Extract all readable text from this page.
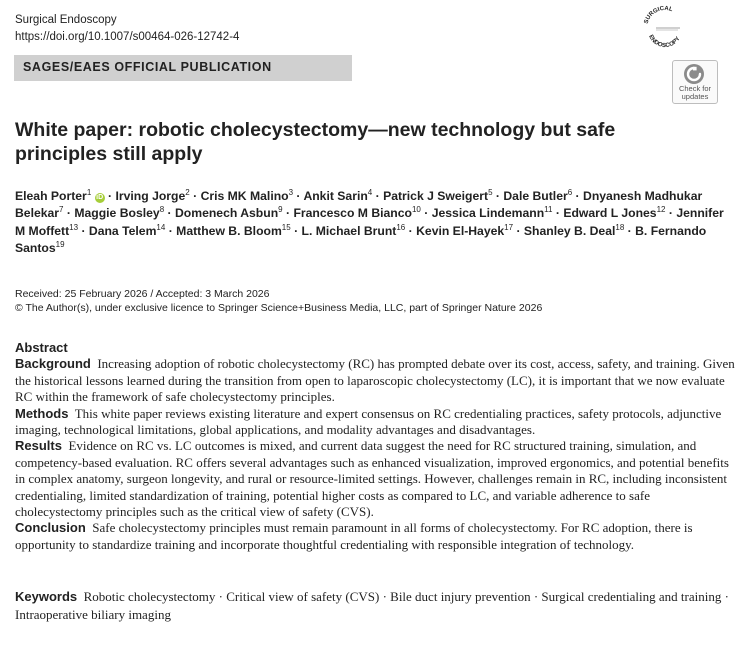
Surgical Endoscopy
https://doi.org/10.1007/s00464-026-12742-4
SURGICAL
ENDOSCOPY
SAGES/EAES OFFICIAL PUBLICATION
Check for
updates
White paper: robotic cholecystectomy—new technology but safe principles still apply
Eleah Porter$^1$ iD · Irving Jorge$^2$ · Cris MK Malino$^3$ · Ankit Sarin$^4$ · Patrick J Sweigert$^5$ · Dale Butler$^6$ · Dnyanesh Madhukar Belekar$^7$ · Maggie Bosley$^8$ · Domenech Asbun$^9$ · Francesco M Bianco$^{10}$ · Jessica Lindemann$^{11}$ · Edward L Jones$^{12}$ · Jennifer M Moffett$^{13}$ · Dana Telem$^{14}$ · Matthew B. Bloom$^{15}$ · L. Michael Brunt$^{16}$ · Kevin El-Hayek$^{17}$ · Shanley B. Deal$^{18}$ · B. Fernando Santos$^{19}$
Received: 25 February 2026 / Accepted: 3 March 2026
© The Author(s), under exclusive licence to Springer Science+Business Media, LLC, part of Springer Nature 2026

Abstract

Background Increasing adoption of robotic cholecystectomy (RC) has prompted debate over its cost, access, safety, and training. Given the historical lessons learned during the transition from open to laparoscopic cholecystectomy (LC), it is important that we now evaluate RC within the framework of safe cholecystectomy principles.

Methods This white paper reviews existing literature and expert consensus on RC credentialing practices, safety protocols, adjunctive imaging, technological limitations, global applications, and modality advantages and disadvantages.

Results Evidence on RC vs. LC outcomes is mixed, and current data suggest the need for RC structured training, simulation, and competency-based evaluation. RC offers several advantages such as enhanced visualization, improved ergonomics, and potential benefits in complex anatomy, surgeon longevity, and rural or resource-limited settings. However, challenges remain in RC, including inconsistent credentialing, limited standardization of training, potential higher costs as compared to LC, and variable adherence to safe cholecystectomy principles such as the critical view of safety (CVS).

Conclusion Safe cholecystectomy principles must remain paramount in all forms of cholecystectomy. For RC adoption, there is opportunity to standardize training and incorporate thoughtful credentialing with responsible integration of technology.

Keywords Robotic cholecystectomy · Critical view of safety (CVS) · Bile duct injury prevention · Surgical credentialing and training · Intraoperative biliary imaging
